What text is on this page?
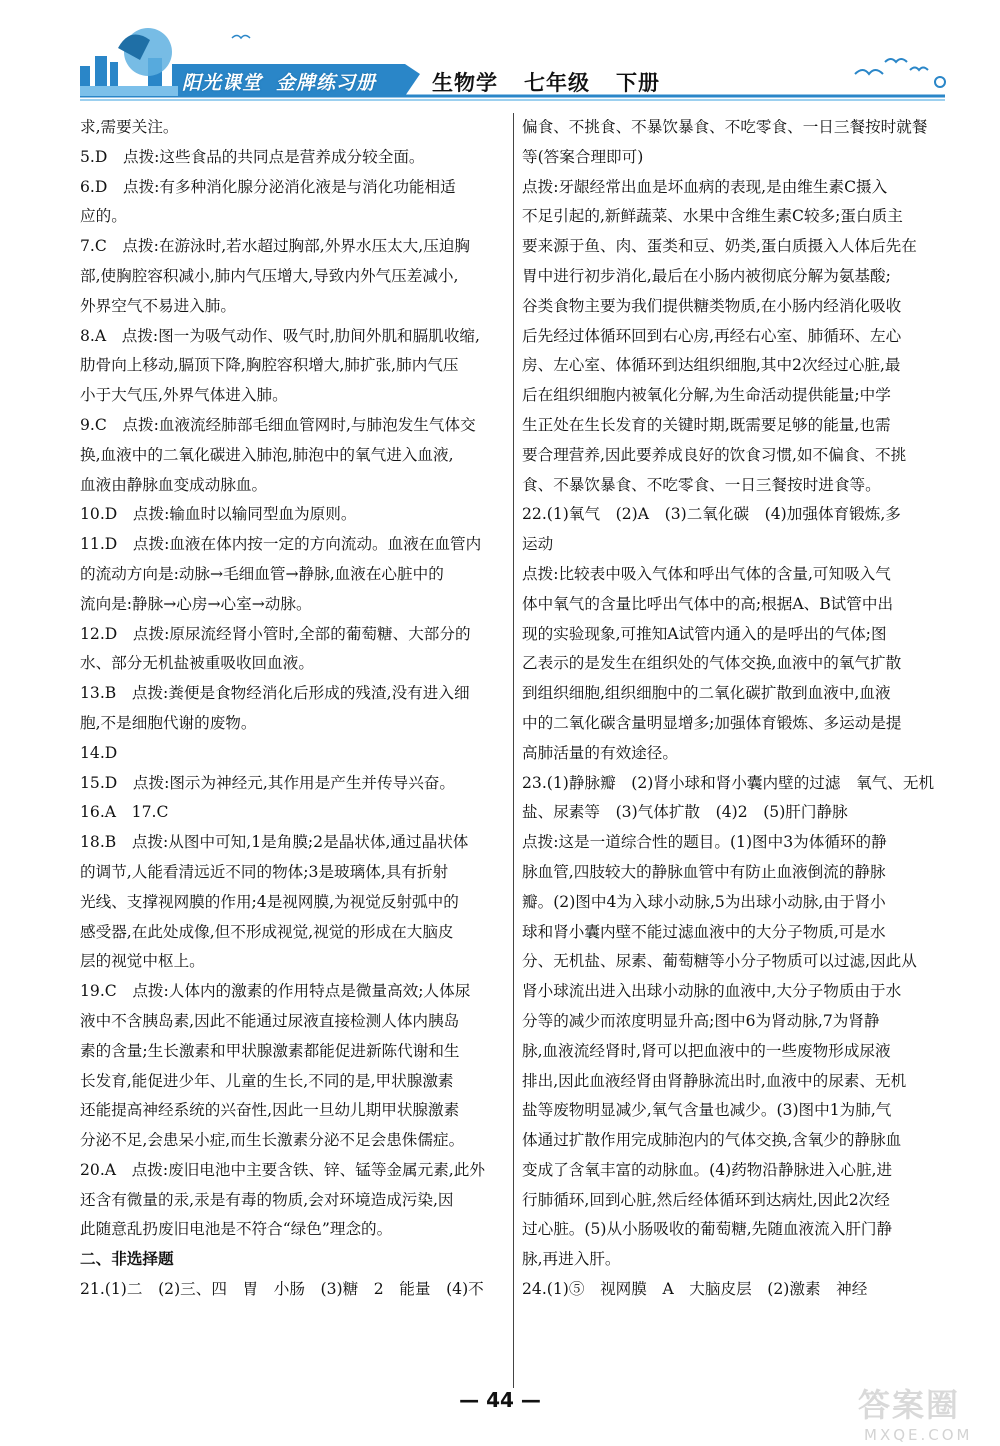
阳光课堂 金牌练习册	生物学 七年级 下册

求,需要关注。

5.D　点拨:这些食品的共同点是营养成分较全面。

6.D　点拨:有多种消化腺分泌消化液是与消化功能相适

应的。

7.C　点拨:在游泳时,若水超过胸部,外界水压太大,压迫胸

部,使胸腔容积减小,肺内气压增大,导致内外气压差减小,

外界空气不易进入肺。

8.A　点拨:图一为吸气动作、吸气时,肋间外肌和膈肌收缩,

肋骨向上移动,膈顶下降,胸腔容积增大,肺扩张,肺内气压

小于大气压,外界气体进入肺。

9.C　点拨:血液流经肺部毛细血管网时,与肺泡发生气体交

换,血液中的二氧化碳进入肺泡,肺泡中的氧气进入血液,

血液由静脉血变成动脉血。

10.D　点拨:输血时以输同型血为原则。

11.D　点拨:血液在体内按一定的方向流动。血液在血管内

的流动方向是:动脉→毛细血管→静脉,血液在心脏中的

流向是:静脉→心房→心室→动脉。

12.D　点拨:原尿流经肾小管时,全部的葡萄糖、大部分的

水、部分无机盐被重吸收回血液。

13.B　点拨:粪便是食物经消化后形成的残渣,没有进入细

胞,不是细胞代谢的废物。

14.D

15.D　点拨:图示为神经元,其作用是产生并传导兴奋。

16.A　17.C

18.B　点拨:从图中可知,1是角膜;2是晶状体,通过晶状体

的调节,人能看清远近不同的物体;3是玻璃体,具有折射

光线、支撑视网膜的作用;4是视网膜,为视觉反射弧中的

感受器,在此处成像,但不形成视觉,视觉的形成在大脑皮

层的视觉中枢上。

19.C　点拨:人体内的激素的作用特点是微量高效;人体尿

液中不含胰岛素,因此不能通过尿液直接检测人体内胰岛

素的含量;生长激素和甲状腺激素都能促进新陈代谢和生

长发育,能促进少年、儿童的生长,不同的是,甲状腺激素

还能提高神经系统的兴奋性,因此一旦幼儿期甲状腺激素

分泌不足,会患呆小症,而生长激素分泌不足会患侏儒症。

20.A　点拨:废旧电池中主要含铁、锌、锰等金属元素,此外

还含有微量的汞,汞是有毒的物质,会对环境造成污染,因

此随意乱扔废旧电池是不符合“绿色”理念的。

二、非选择题

21.(1)二　(2)三、四　胃　小肠　(3)糖　2　能量　(4)不

偏食、不挑食、不暴饮暴食、不吃零食、一日三餐按时就餐

等(答案合理即可)

点拨:牙龈经常出血是坏血病的表现,是由维生素C摄入

不足引起的,新鲜蔬菜、水果中含维生素C较多;蛋白质主

要来源于鱼、肉、蛋类和豆、奶类,蛋白质摄入人体后先在

胃中进行初步消化,最后在小肠内被彻底分解为氨基酸;

谷类食物主要为我们提供糖类物质,在小肠内经消化吸收

后先经过体循环回到右心房,再经右心室、肺循环、左心

房、左心室、体循环到达组织细胞,其中2次经过心脏,最

后在组织细胞内被氧化分解,为生命活动提供能量;中学

生正处在生长发育的关键时期,既需要足够的能量,也需

要合理营养,因此要养成良好的饮食习惯,如不偏食、不挑

食、不暴饮暴食、不吃零食、一日三餐按时进食等。

22.(1)氧气　(2)A　(3)二氧化碳　(4)加强体育锻炼,多

运动

点拨:比较表中吸入气体和呼出气体的含量,可知吸入气

体中氧气的含量比呼出气体中的高;根据A、B试管中出

现的实验现象,可推知A试管内通入的是呼出的气体;图

乙表示的是发生在组织处的气体交换,血液中的氧气扩散

到组织细胞,组织细胞中的二氧化碳扩散到血液中,血液

中的二氧化碳含量明显增多;加强体育锻炼、多运动是提

高肺活量的有效途径。

23.(1)静脉瓣　(2)肾小球和肾小囊内壁的过滤　氧气、无机

盐、尿素等　(3)气体扩散　(4)2　(5)肝门静脉

点拨:这是一道综合性的题目。(1)图中3为体循环的静

脉血管,四肢较大的静脉血管中有防止血液倒流的静脉

瓣。(2)图中4为入球小动脉,5为出球小动脉,由于肾小

球和肾小囊内壁不能过滤血液中的大分子物质,可是水

分、无机盐、尿素、葡萄糖等小分子物质可以过滤,因此从

肾小球流出进入出球小动脉的血液中,大分子物质由于水

分等的减少而浓度明显升高;图中6为肾动脉,7为肾静

脉,血液流经肾时,肾可以把血液中的一些废物形成尿液

排出,因此血液经肾由肾静脉流出时,血液中的尿素、无机

盐等废物明显减少,氧气含量也减少。(3)图中1为肺,气

体通过扩散作用完成肺泡内的气体交换,含氧少的静脉血

变成了含氧丰富的动脉血。(4)药物沿静脉进入心脏,进

行肺循环,回到心脏,然后经体循环到达病灶,因此2次经

过心脏。(5)从小肠吸收的葡萄糖,先随血液流入肝门静

脉,再进入肝。

24.(1)⑤　视网膜　A　大脑皮层　(2)激素　神经

— 44 —	答案圈
MXQE.COM
